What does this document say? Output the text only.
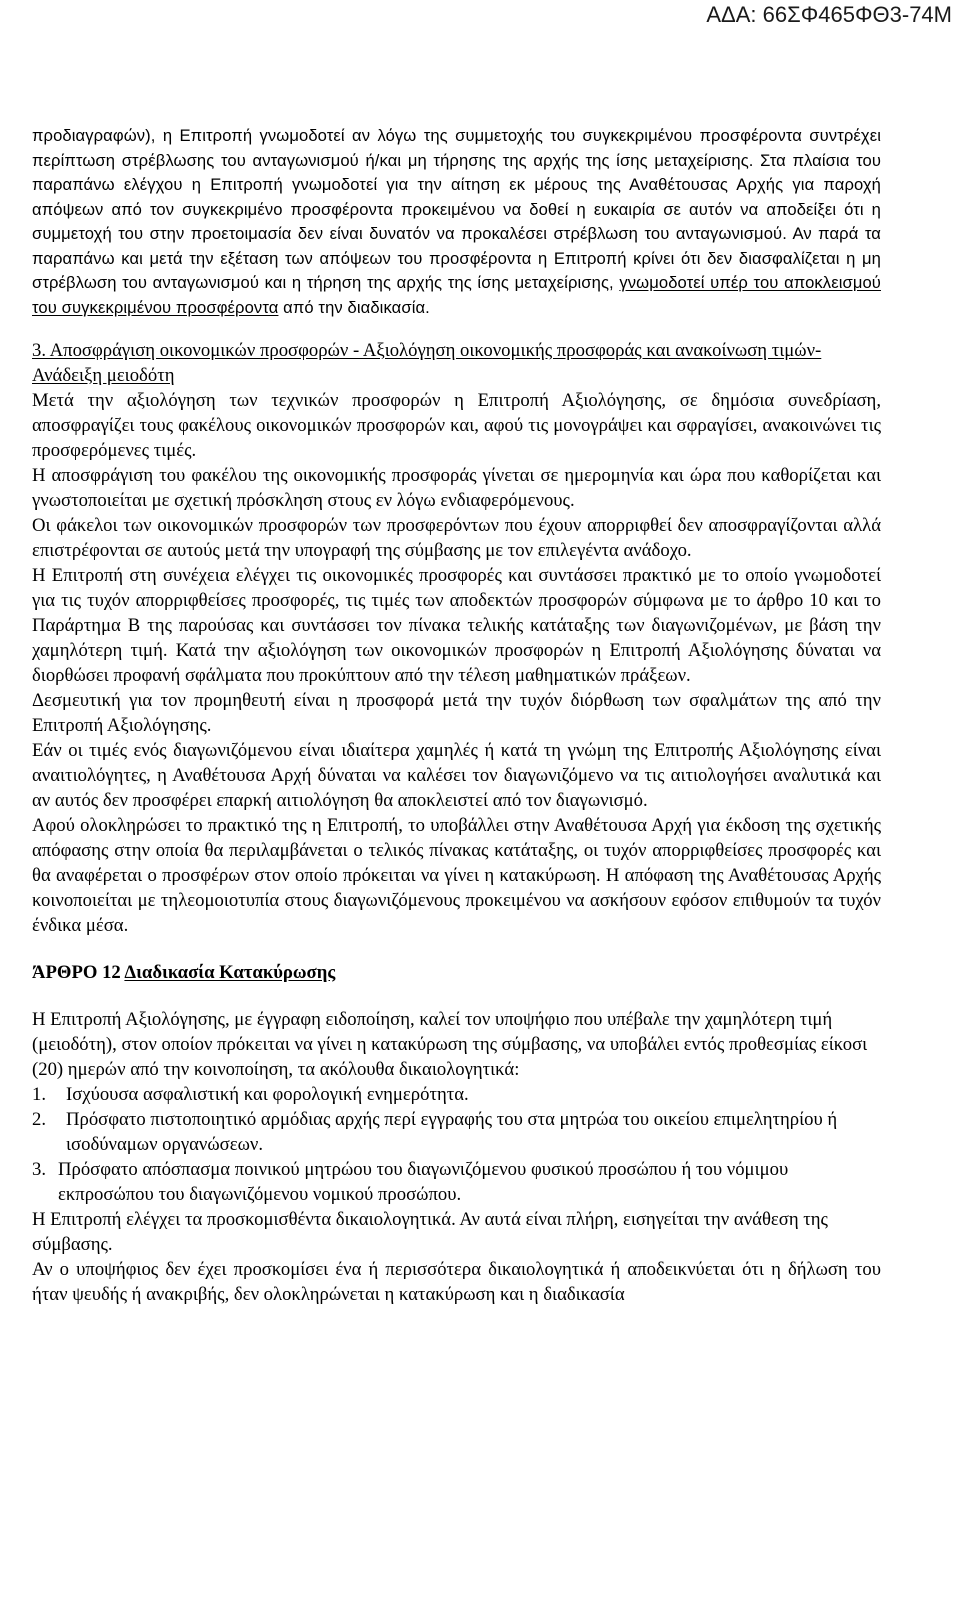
ΑΔΑ: 66ΣΦ465ΦΘ3-74Μ

προδιαγραφών), η Επιτροπή γνωμοδοτεί αν λόγω της συμμετοχής του συγκεκριμένου προσφέροντα συντρέχει περίπτωση στρέβλωσης του ανταγωνισμού ή/και μη τήρησης της αρχής της ίσης μεταχείρισης. Στα πλαίσια του παραπάνω ελέγχου η Επιτροπή γνωμοδοτεί για την αίτηση εκ μέρους της Αναθέτουσας Αρχής για παροχή απόψεων από τον συγκεκριμένο προσφέροντα προκειμένου να δοθεί η ευκαιρία σε αυτόν να αποδείξει ότι η συμμετοχή του στην προετοιμασία δεν είναι δυνατόν να προκαλέσει στρέβλωση του ανταγωνισμού. Αν παρά τα παραπάνω και μετά την εξέταση των απόψεων του προσφέροντα η Επιτροπή κρίνει ότι δεν διασφαλίζεται η μη στρέβλωση του ανταγωνισμού και η τήρηση της αρχής της ίσης μεταχείρισης, γνωμοδοτεί υπέρ του αποκλεισμού του συγκεκριμένου προσφέροντα από την διαδικασία.

3. Αποσφράγιση οικονομικών προσφορών - Αξιολόγηση οικονομικής προσφοράς και ανακοίνωση τιμών- Ανάδειξη μειοδότη

Μετά την αξιολόγηση των τεχνικών προσφορών η Επιτροπή Αξιολόγησης, σε δημόσια συνεδρίαση, αποσφραγίζει τους φακέλους οικονομικών προσφορών και, αφού τις μονογράψει και σφραγίσει, ανακοινώνει τις προσφερόμενες τιμές.

Η αποσφράγιση του φακέλου της οικονομικής προσφοράς γίνεται σε ημερομηνία και ώρα που καθορίζεται και γνωστοποιείται με σχετική πρόσκληση στους εν λόγω ενδιαφερόμενους.

Οι φάκελοι των οικονομικών προσφορών των προσφερόντων που έχουν απορριφθεί δεν αποσφραγίζονται αλλά επιστρέφονται σε αυτούς μετά την υπογραφή της σύμβασης με τον επιλεγέντα ανάδοχο.

Η Επιτροπή στη συνέχεια ελέγχει τις οικονομικές προσφορές και συντάσσει πρακτικό με το οποίο γνωμοδοτεί για τις τυχόν απορριφθείσες προσφορές, τις τιμές των αποδεκτών προσφορών σύμφωνα με το άρθρο 10 και το Παράρτημα Β της παρούσας και συντάσσει τον πίνακα τελικής κατάταξης των διαγωνιζομένων, με βάση την χαμηλότερη τιμή. Κατά την αξιολόγηση των οικονομικών προσφορών η Επιτροπή Αξιολόγησης δύναται να διορθώσει προφανή σφάλματα που προκύπτουν από την τέλεση μαθηματικών πράξεων.

Δεσμευτική για τον προμηθευτή είναι η προσφορά μετά την τυχόν διόρθωση των σφαλμάτων της από την Επιτροπή Αξιολόγησης.

Εάν οι τιμές ενός διαγωνιζόμενου είναι ιδιαίτερα χαμηλές ή κατά τη γνώμη της Επιτροπής Αξιολόγησης είναι αναιτιολόγητες, η Αναθέτουσα Αρχή δύναται να καλέσει τον διαγωνιζόμενο να τις αιτιολογήσει αναλυτικά και αν αυτός δεν προσφέρει επαρκή αιτιολόγηση θα αποκλειστεί από τον διαγωνισμό.

Αφού ολοκληρώσει το πρακτικό της η Επιτροπή, το υποβάλλει στην Αναθέτουσα Αρχή για έκδοση της σχετικής απόφασης στην οποία θα περιλαμβάνεται ο τελικός πίνακας κατάταξης, οι τυχόν απορριφθείσες προσφορές και θα αναφέρεται ο προσφέρων στον οποίο πρόκειται να γίνει η κατακύρωση. Η απόφαση της Αναθέτουσας Αρχής κοινοποιείται με τηλεομοιοτυπία στους διαγωνιζόμενους προκειμένου να ασκήσουν εφόσον επιθυμούν τα τυχόν ένδικα μέσα.

ΆΡΘΡΟ 12 Διαδικασία Κατακύρωσης

Η Επιτροπή Αξιολόγησης, με έγγραφη ειδοποίηση, καλεί τον υποψήφιο που υπέβαλε την χαμηλότερη τιμή (μειοδότη), στον οποίον πρόκειται να γίνει η κατακύρωση της σύμβασης, να υποβάλει εντός προθεσμίας είκοσι (20) ημερών από την κοινοποίηση, τα ακόλουθα δικαιολογητικά:

1.	Ισχύουσα ασφαλιστική και φορολογική ενημερότητα.
2.	Πρόσφατο πιστοποιητικό αρμόδιας αρχής περί εγγραφής του στα μητρώα του οικείου επιμελητηρίου ή ισοδύναμων οργανώσεων.
3. Πρόσφατο απόσπασμα ποινικού μητρώου του διαγωνιζόμενου φυσικού προσώπου ή του νόμιμου εκπροσώπου του διαγωνιζόμενου νομικού προσώπου.

Η Επιτροπή ελέγχει τα προσκομισθέντα δικαιολογητικά. Αν αυτά είναι πλήρη, εισηγείται την ανάθεση της σύμβασης.

Αν ο υποψήφιος δεν έχει προσκομίσει ένα ή περισσότερα δικαιολογητικά ή αποδεικνύεται ότι η δήλωση του ήταν ψευδής ή ανακριβής, δεν ολοκληρώνεται η κατακύρωση και η διαδικασία
